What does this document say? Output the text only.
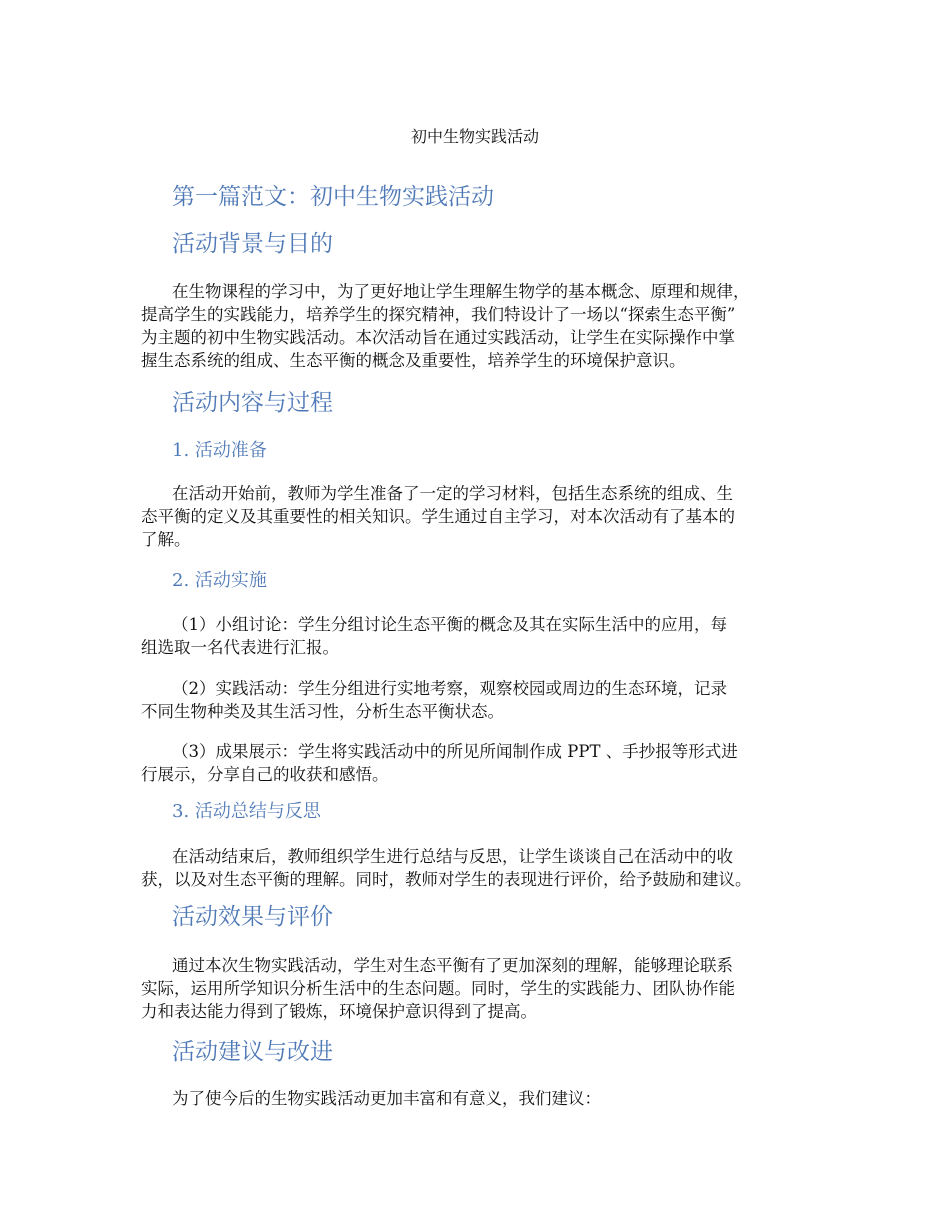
初中生物实践活动
第一篇范文：初中生物实践活动
活动背景与目的
在生物课程的学习中，为了更好地让学生理解生物学的基本概念、原理和规律，
提高学生的实践能力，培养学生的探究精神，我们特设计了一场以“探索生态平衡”
为主题的初中生物实践活动。本次活动旨在通过实践活动，让学生在实际操作中掌
握生态系统的组成、生态平衡的概念及重要性，培养学生的环境保护意识。
活动内容与过程
1. 活动准备
在活动开始前，教师为学生准备了一定的学习材料，包括生态系统的组成、生
态平衡的定义及其重要性的相关知识。学生通过自主学习，对本次活动有了基本的
了解。
2. 活动实施
（1）小组讨论：学生分组讨论生态平衡的概念及其在实际生活中的应用，每
组选取一名代表进行汇报。
（2）实践活动：学生分组进行实地考察，观察校园或周边的生态环境，记录
不同生物种类及其生活习性，分析生态平衡状态。
（3）成果展示：学生将实践活动中的所见所闻制作成 PPT 、手抄报等形式进
行展示，分享自己的收获和感悟。
3. 活动总结与反思
在活动结束后，教师组织学生进行总结与反思，让学生谈谈自己在活动中的收
获，以及对生态平衡的理解。同时，教师对学生的表现进行评价，给予鼓励和建议。
活动效果与评价
通过本次生物实践活动，学生对生态平衡有了更加深刻的理解，能够理论联系
实际，运用所学知识分析生活中的生态问题。同时，学生的实践能力、团队协作能
力和表达能力得到了锻炼，环境保护意识得到了提高。
活动建议与改进
为了使今后的生物实践活动更加丰富和有意义，我们建议：
